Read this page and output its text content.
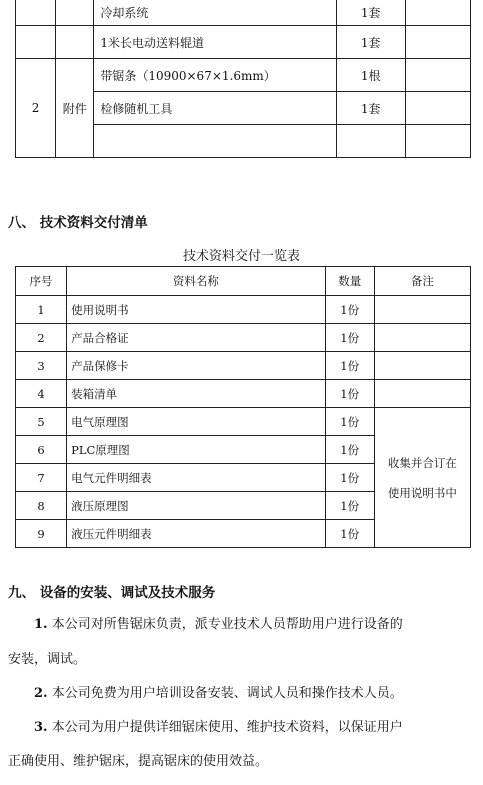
		冷却系统	1套	
		1米长电动送料辊道	1套	
2	附件	带锯条（10900×67×1.6mm）	1根	
		检修随机工具	1套	

八、 技术资料交付清单
技术资料交付一览表
序号	资料名称	数量	备注
1	使用说明书	1份	
2	产品合格证	1份	
3	产品保修卡	1份	
4	装箱清单	1份	
5	电气原理图	1份	收集并合订在
使用说明书中

6	PLC原理图	1份	
7	电气元件明细表	1份	
8	液压原理图	1份	
9	液压元件明细表	1份	
九、 设备的安装、调试及技术服务
1. 本公司对所售锯床负责，派专业技术人员帮助用户进行设备的
安装，调试。
2. 本公司免费为用户培训设备安装、调试人员和操作技术人员。
3. 本公司为用户提供详细锯床使用、维护技术资料，以保证用户
正确使用、维护锯床，提高锯床的使用效益。
